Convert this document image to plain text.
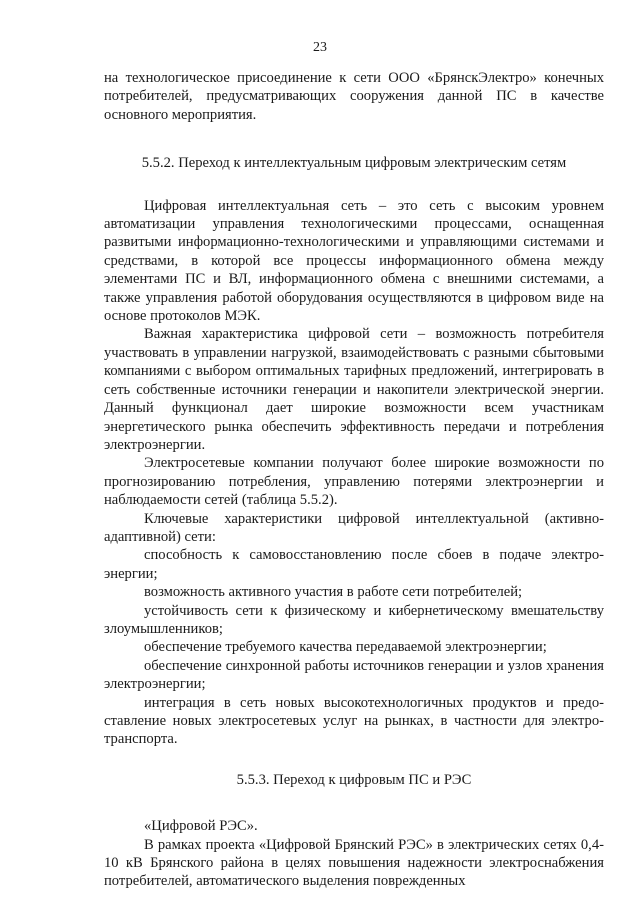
23

на технологическое присоединение к сети ООО «БрянскЭлектро» конечных потребителей, предусматривающих сооружения данной ПС в качестве основного мероприятия.

5.5.2. Переход к интеллектуальным цифровым электрическим сетям

Цифровая интеллектуальная сеть – это сеть с высоким уровнем автоматизации управления технологическими процессами, оснащенная развитыми информационно-технологическими и управляющими системами и средствами, в которой все процессы информационного обмена между элементами ПС и ВЛ, информационного обмена с внешними системами, а также управления работой оборудования осуществляются в цифровом виде на основе протоколов МЭК.

Важная характеристика цифровой сети – возможность потребителя участвовать в управлении нагрузкой, взаимодействовать с разными сбытовыми компаниями с выбором оптимальных тарифных предложений, интегрировать в сеть собственные источники генерации и накопители электрической энергии. Данный функционал дает широкие возможности всем участникам энергетического рынка обеспечить эффективность передачи и потребления электроэнергии.

Электросетевые компании получают более широкие возможности по прогнозированию потребления, управлению потерями электроэнергии и наблюдаемости сетей (таблица 5.5.2).

Ключевые характеристики цифровой интеллектуальной (активно-адаптивной) сети:

способность к самовосстановлению после сбоев в подаче электро-энергии;

возможность активного участия в работе сети потребителей;

устойчивость сети к физическому и кибернетическому вмешательству злоумышленников;

обеспечение требуемого качества передаваемой электроэнергии;

обеспечение синхронной работы источников генерации и узлов хранения электроэнергии;

интеграция в сеть новых высокотехнологичных продуктов и предо-ставление новых электросетевых услуг на рынках, в частности для электро-транспорта.

5.5.3. Переход к цифровым ПС и РЭС

«Цифровой РЭС».

В рамках проекта «Цифровой Брянский РЭС» в электрических сетях 0,4-10 кВ Брянского района в целях повышения надежности электроснабжения потребителей, автоматического выделения поврежденных
